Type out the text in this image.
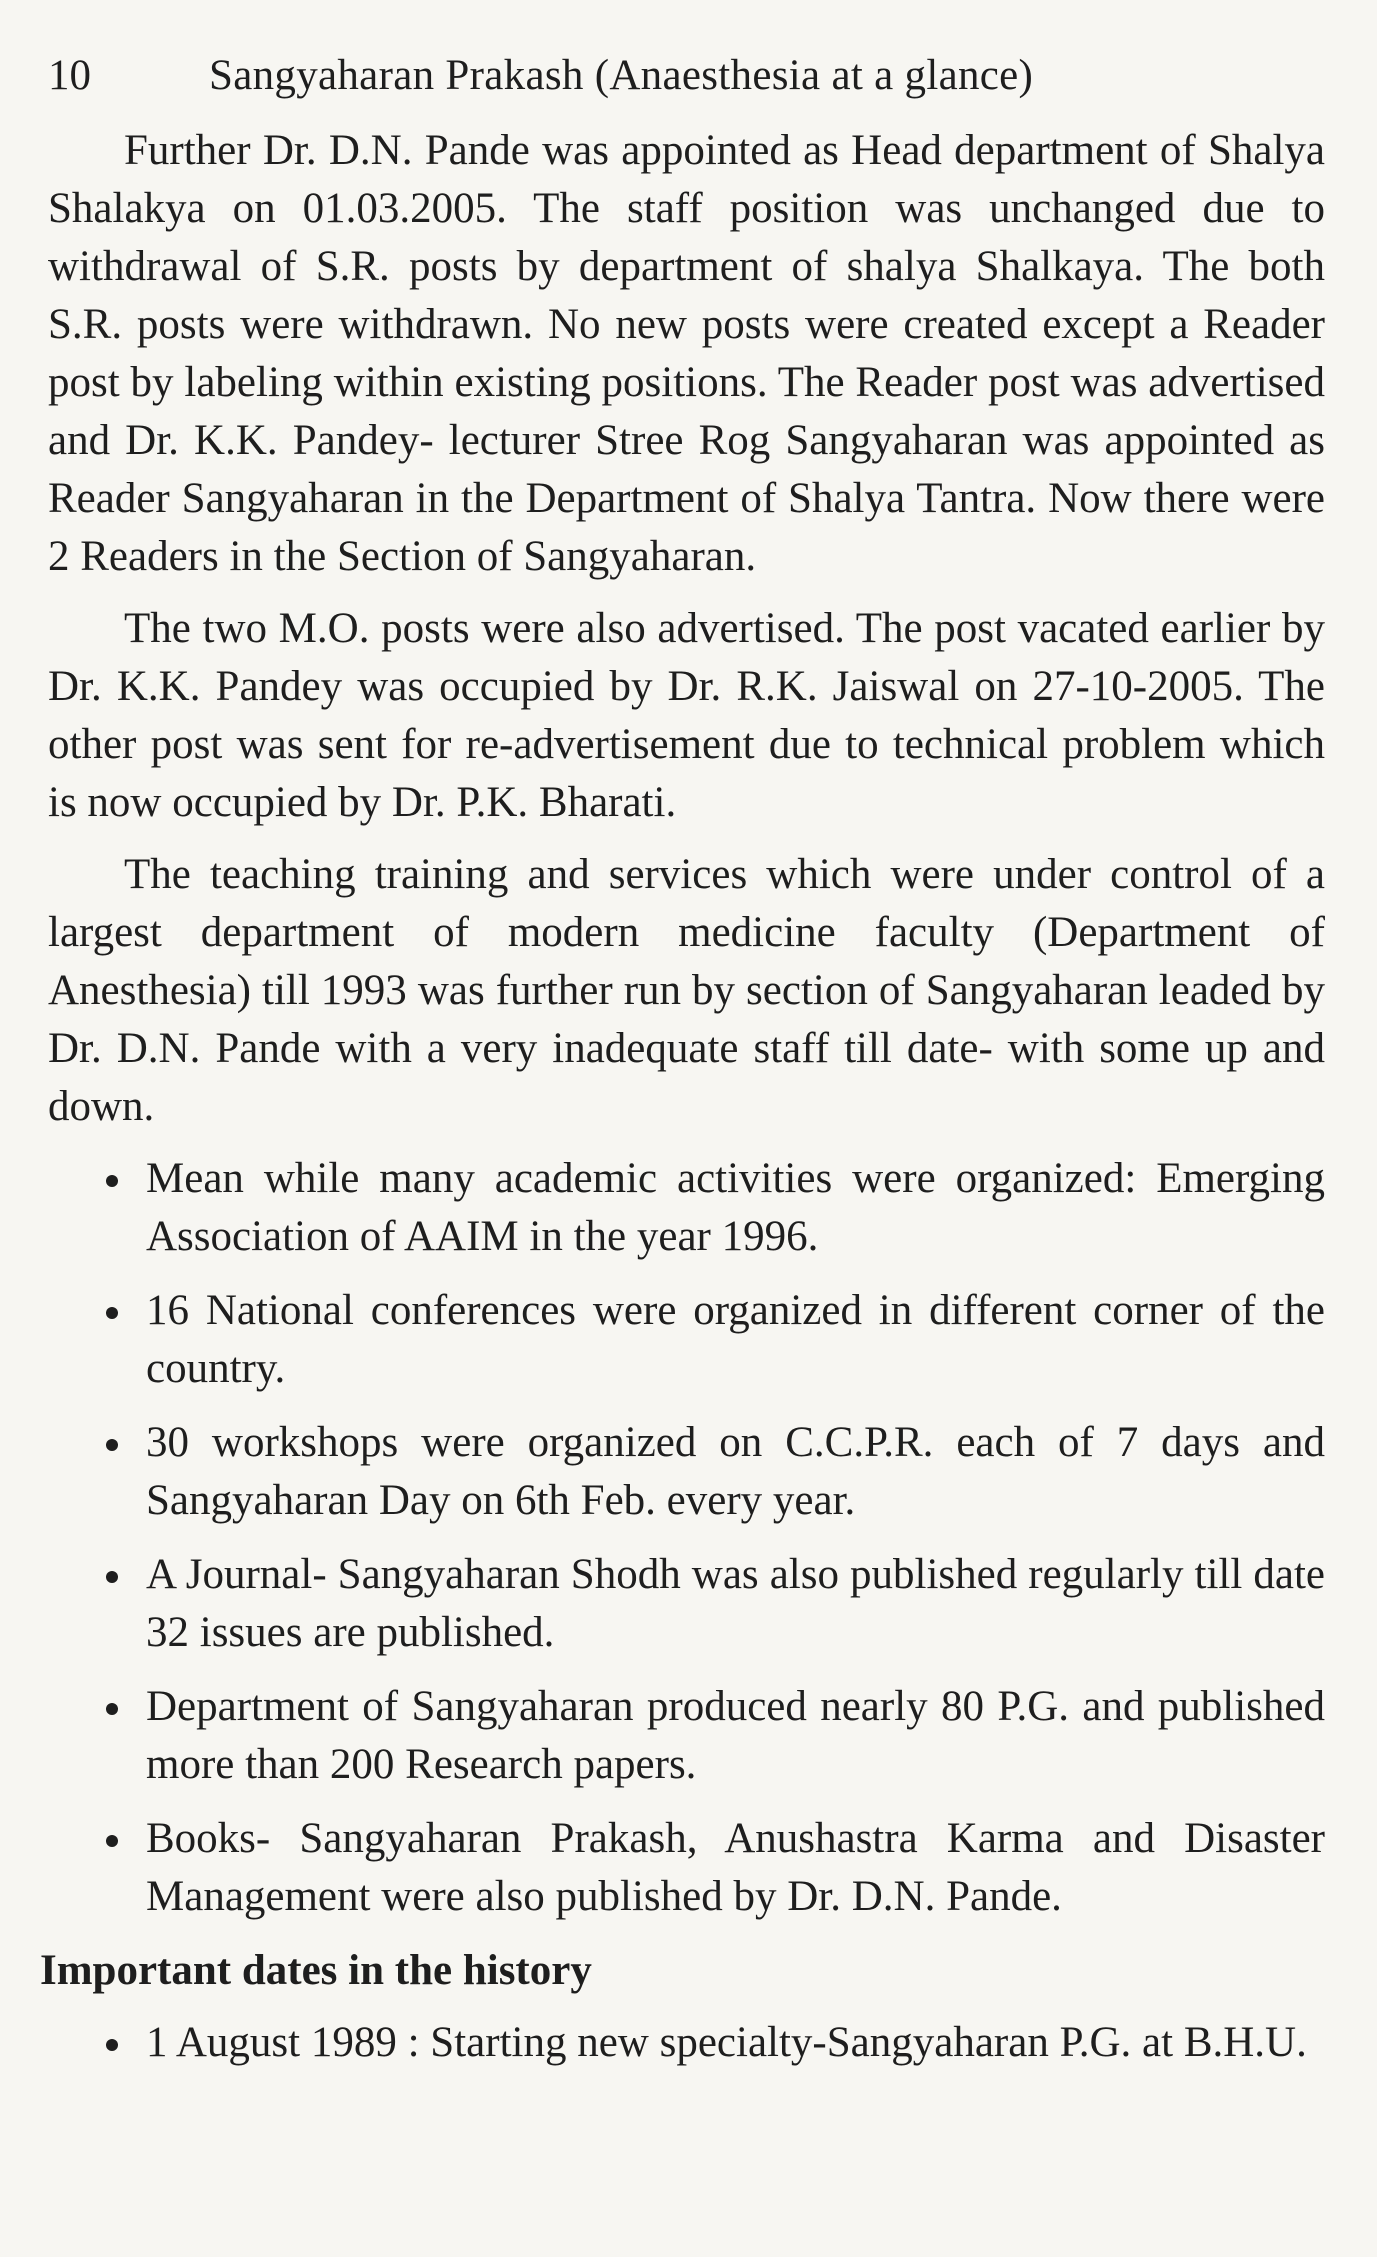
10	Sangyaharan Prakash (Anaesthesia at a glance)

Further Dr. D.N. Pande was appointed as Head department of Shalya Shalakya on 01.03.2005. The staff position was unchanged due to withdrawal of S.R. posts by department of shalya Shalkaya. The both S.R. posts were withdrawn. No new posts were created except a Reader post by labeling within existing positions. The Reader post was advertised and Dr. K.K. Pandey- lecturer Stree Rog Sangyaharan was appointed as Reader Sangyaharan in the Department of Shalya Tantra. Now there were 2 Readers in the Section of Sangyaharan.

The two M.O. posts were also advertised. The post vacated earlier by Dr. K.K. Pandey was occupied by Dr. R.K. Jaiswal on 27-10-2005. The other post was sent for re-advertisement due to technical problem which is now occupied by Dr. P.K. Bharati.

The teaching training and services which were under control of a largest department of modern medicine faculty (Department of Anesthesia) till 1993 was further run by section of Sangyaharan leaded by Dr. D.N. Pande with a very inadequate staff till date- with some up and down.

Mean while many academic activities were organized: Emerging Association of AAIM in the year 1996.
16 National conferences were organized in different corner of the country.
30 workshops were organized on C.C.P.R. each of 7 days and Sangyaharan Day on 6th Feb. every year.
A Journal- Sangyaharan Shodh was also published regularly till date 32 issues are published.
Department of Sangyaharan produced nearly 80 P.G. and published more than 200 Research papers.
Books- Sangyaharan Prakash, Anushastra Karma and Disaster Management were also published by Dr. D.N. Pande.
Important dates in the history
1 August 1989 : Starting new specialty-Sangyaharan P.G. at B.H.U.
